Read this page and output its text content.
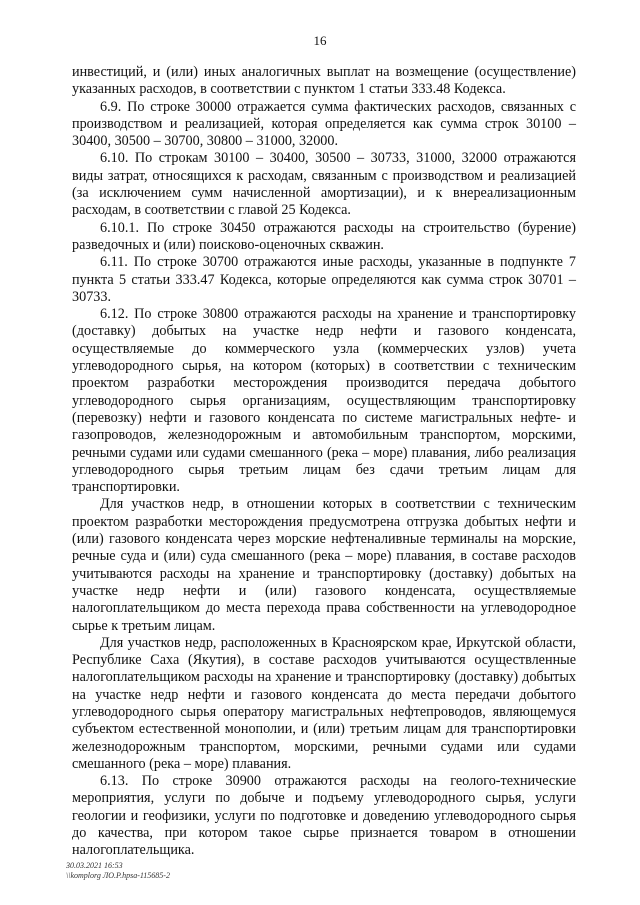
16

инвестиций, и (или) иных аналогичных выплат на возмещение (осуществление) указанных расходов, в соответствии с пунктом 1 статьи 333.48 Кодекса.

6.9. По строке 30000 отражается сумма фактических расходов, связанных с производством и реализацией, которая определяется как сумма строк 30100 – 30400, 30500 – 30700, 30800 – 31000, 32000.

6.10. По строкам 30100 – 30400, 30500 – 30733, 31000, 32000 отражаются виды затрат, относящихся к расходам, связанным с производством и реализацией (за исключением сумм начисленной амортизации), и к внереализационным расходам, в соответствии с главой 25 Кодекса.

6.10.1. По строке 30450 отражаются расходы на строительство (бурение) разведочных и (или) поисково-оценочных скважин.

6.11. По строке 30700 отражаются иные расходы, указанные в подпункте 7 пункта 5 статьи 333.47 Кодекса, которые определяются как сумма строк 30701 – 30733.

6.12. По строке 30800 отражаются расходы на хранение и транспортировку (доставку) добытых на участке недр нефти и газового конденсата, осуществляемые до коммерческого узла (коммерческих узлов) учета углеводородного сырья, на котором (которых) в соответствии с техническим проектом разработки месторождения производится передача добытого углеводородного сырья организациям, осуществляющим транспортировку (перевозку) нефти и газового конденсата по системе магистральных нефте- и газопроводов, железнодорожным и автомобильным транспортом, морскими, речными судами или судами смешанного (река – море) плавания, либо реализация углеводородного сырья третьим лицам без сдачи третьим лицам для транспортировки.

Для участков недр, в отношении которых в соответствии с техническим проектом разработки месторождения предусмотрена отгрузка добытых нефти и (или) газового конденсата через морские нефтеналивные терминалы на морские, речные суда и (или) суда смешанного (река – море) плавания, в составе расходов учитываются расходы на хранение и транспортировку (доставку) добытых на участке недр нефти и (или) газового конденсата, осуществляемые налогоплательщиком до места перехода права собственности на углеводородное сырье к третьим лицам.

Для участков недр, расположенных в Красноярском крае, Иркутской области, Республике Саха (Якутия), в составе расходов учитываются осуществленные налогоплательщиком расходы на хранение и транспортировку (доставку) добытых на участке недр нефти и газового конденсата до места передачи добытого углеводородного сырья оператору магистральных нефтепроводов, являющемуся субъектом естественной монополии, и (или) третьим лицам для транспортировки железнодорожным транспортом, морскими, речными судами или судами смешанного (река – море) плавания.

6.13. По строке 30900 отражаются расходы на геолого-технические мероприятия, услуги по добыче и подъему углеводородного сырья, услуги геологии и геофизики, услуги по подготовке и доведению углеводородного сырья до качества, при котором такое сырье признается товаром в отношении налогоплательщика.

30.03.2021 16:53
\\komplorg ЛО.Р.hpsa-115685-2
